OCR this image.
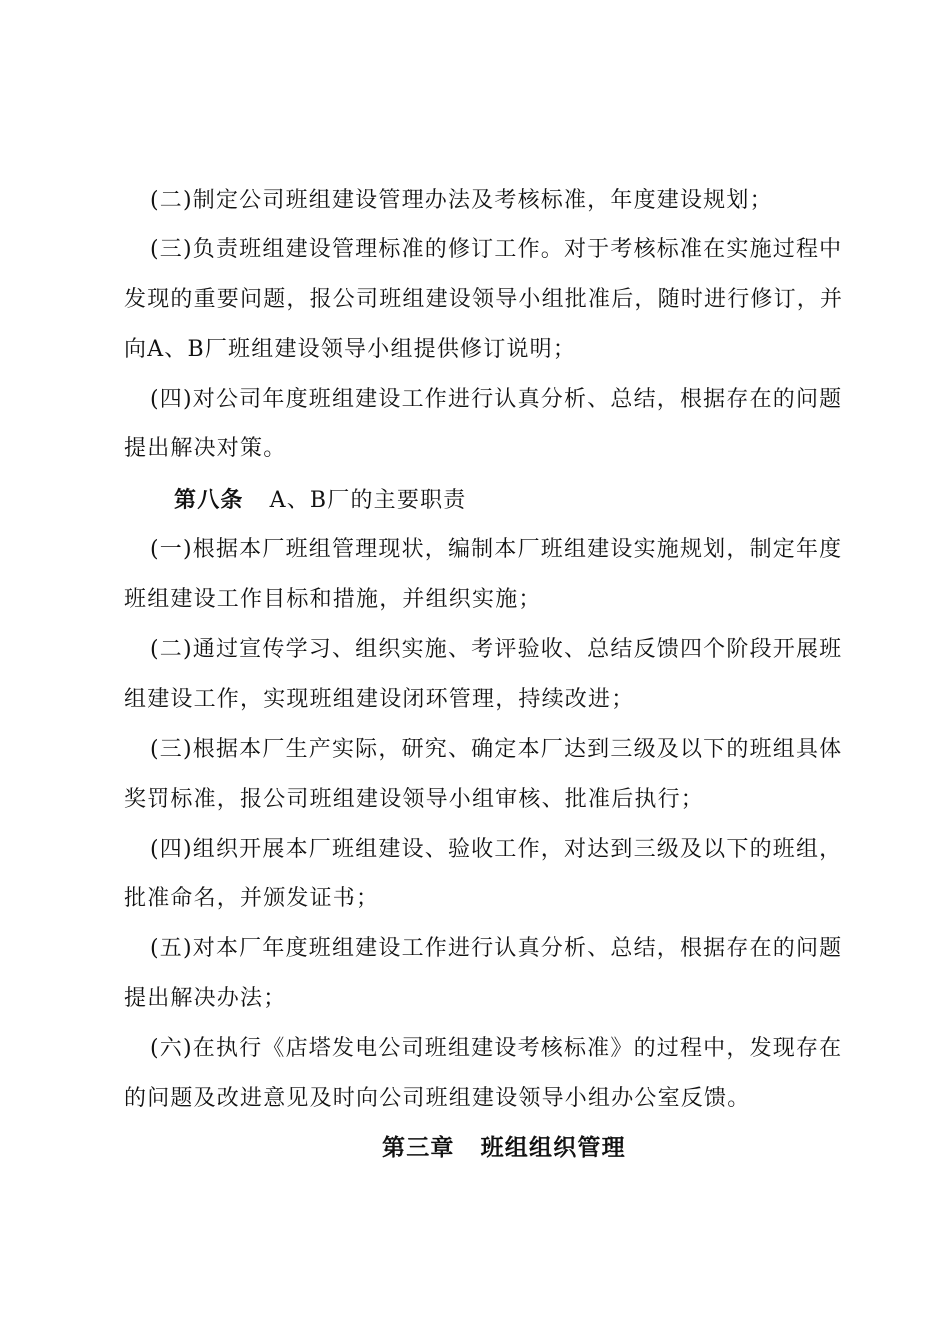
(二)制定公司班组建设管理办法及考核标准，年度建设规划；
(三)负责班组建设管理标准的修订工作。对于考核标准在实施过程中
发现的重要问题，报公司班组建设领导小组批准后，随时进行修订，并
向A、B厂班组建设领导小组提供修订说明；
(四)对公司年度班组建设工作进行认真分析、总结，根据存在的问题
提出解决对策。
第八条 A、B厂的主要职责
(一)根据本厂班组管理现状，编制本厂班组建设实施规划，制定年度
班组建设工作目标和措施，并组织实施；
(二)通过宣传学习、组织实施、考评验收、总结反馈四个阶段开展班
组建设工作，实现班组建设闭环管理，持续改进；
(三)根据本厂生产实际，研究、确定本厂达到三级及以下的班组具体
奖罚标准，报公司班组建设领导小组审核、批准后执行；
(四)组织开展本厂班组建设、验收工作，对达到三级及以下的班组，
批准命名，并颁发证书；
(五)对本厂年度班组建设工作进行认真分析、总结，根据存在的问题
提出解决办法；
(六)在执行《店塔发电公司班组建设考核标准》的过程中，发现存在
的问题及改进意见及时向公司班组建设领导小组办公室反馈。
第三章 班组组织管理
